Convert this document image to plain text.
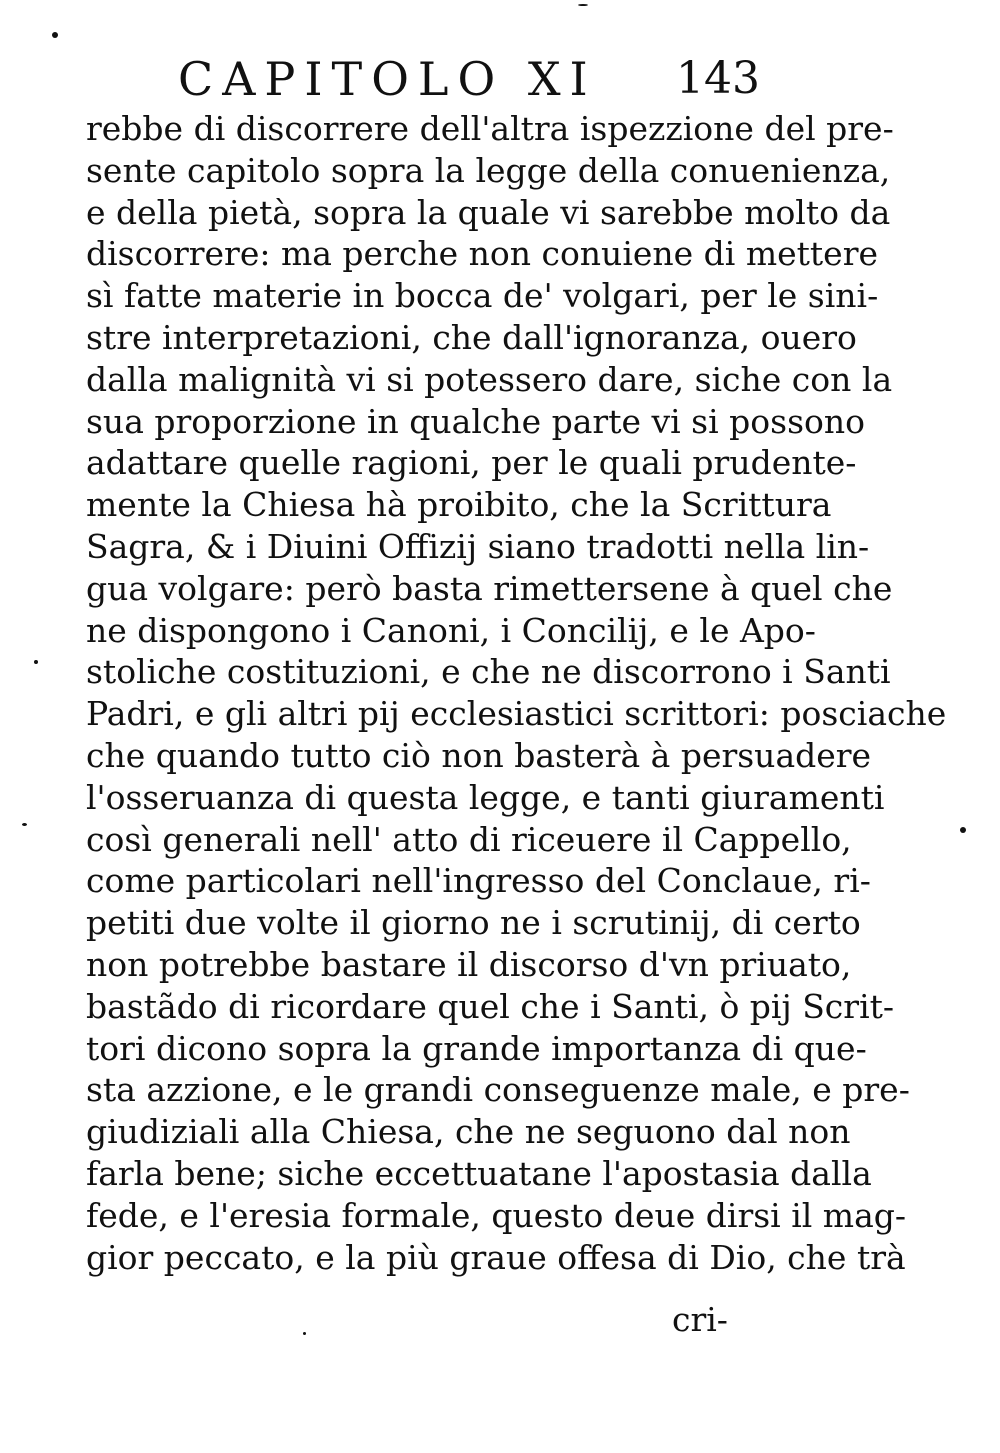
CAPITOLO XI 143
rebbe di discorrere dell'altra ispezzione del pre-
sente capitolo sopra la legge della conuenienza,
e della pietà, sopra la quale vi sarebbe molto da
discorrere: ma perche non conuiene di mettere
sì fatte materie in bocca de' volgari, per le sini-
stre interpretazioni, che dall'ignoranza, ouero
dalla malignità vi si potessero dare, siche con la
sua proporzione in qualche parte vi si possono
adattare quelle ragioni, per le quali prudente-
mente la Chiesa hà proibito, che la Scrittura
Sagra, & i Diuini Offizij siano tradotti nella lin-
gua volgare: però basta rimettersene à quel che
ne dispongono i Canoni, i Concilij, e le Apo-
stoliche costituzioni, e che ne discorrono i Santi
Padri, e gli altri pij ecclesiastici scrittori: posciache
che quando tutto ciò non basterà à persuadere
l'osseruanza di questa legge, e tanti giuramenti
così generali nell' atto di riceuere il Cappello,
come particolari nell'ingresso del Conclaue, ri-
petiti due volte il giorno ne i scrutinij, di certo
non potrebbe bastare il discorso d'vn priuato,
bastãdo di ricordare quel che i Santi, ò pij Scrit-
tori dicono sopra la grande importanza di que-
sta azzione, e le grandi conseguenze male, e pre-
giudiziali alla Chiesa, che ne seguono dal non
farla bene; siche eccettuatane l'apostasia dalla
fede, e l'eresia formale, questo deue dirsi il mag-
gior peccato, e la più graue offesa di Dio, che trà
cri-
